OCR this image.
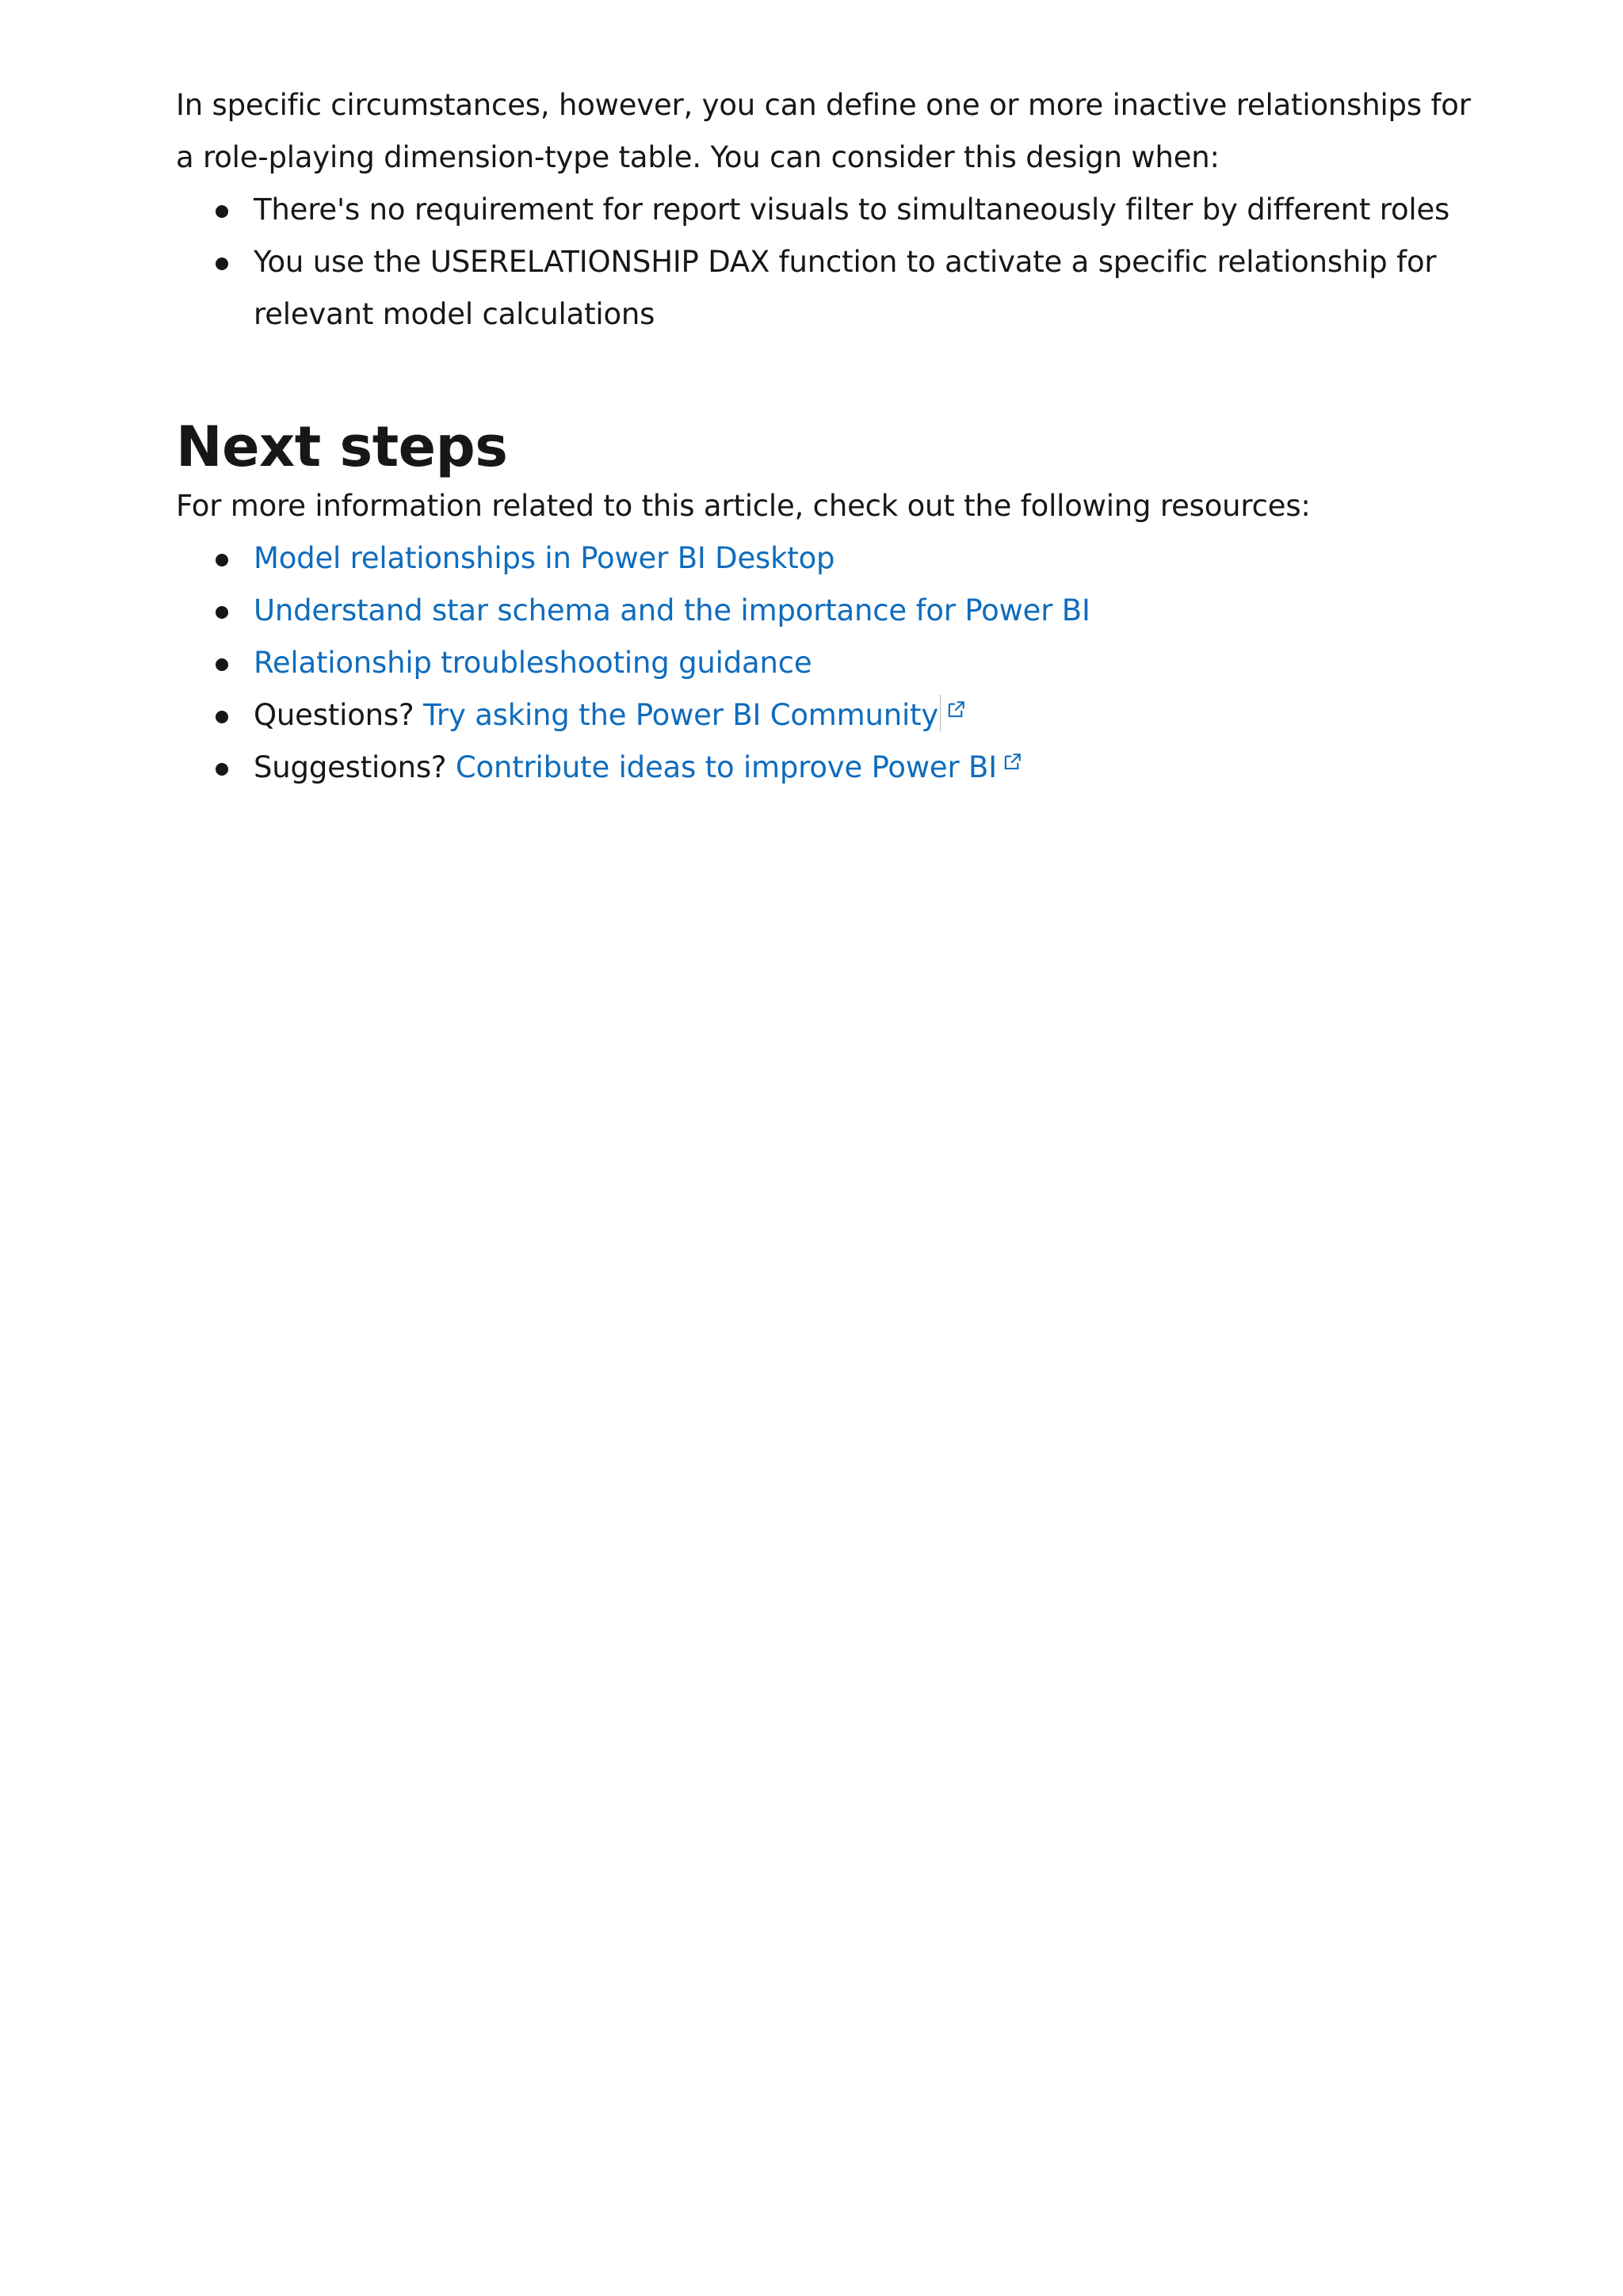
In specific circumstances, however, you can define one or more inactive relationships for a role-playing dimension-type table. You can consider this design when:

There's no requirement for report visuals to simultaneously filter by different roles
You use the USERELATIONSHIP DAX function to activate a specific relationship for relevant model calculations
Next steps

For more information related to this article, check out the following resources:

Model relationships in Power BI Desktop
Understand star schema and the importance for Power BI
Relationship troubleshooting guidance
Questions? Try asking the Power BI Community
Suggestions? Contribute ideas to improve Power BI
